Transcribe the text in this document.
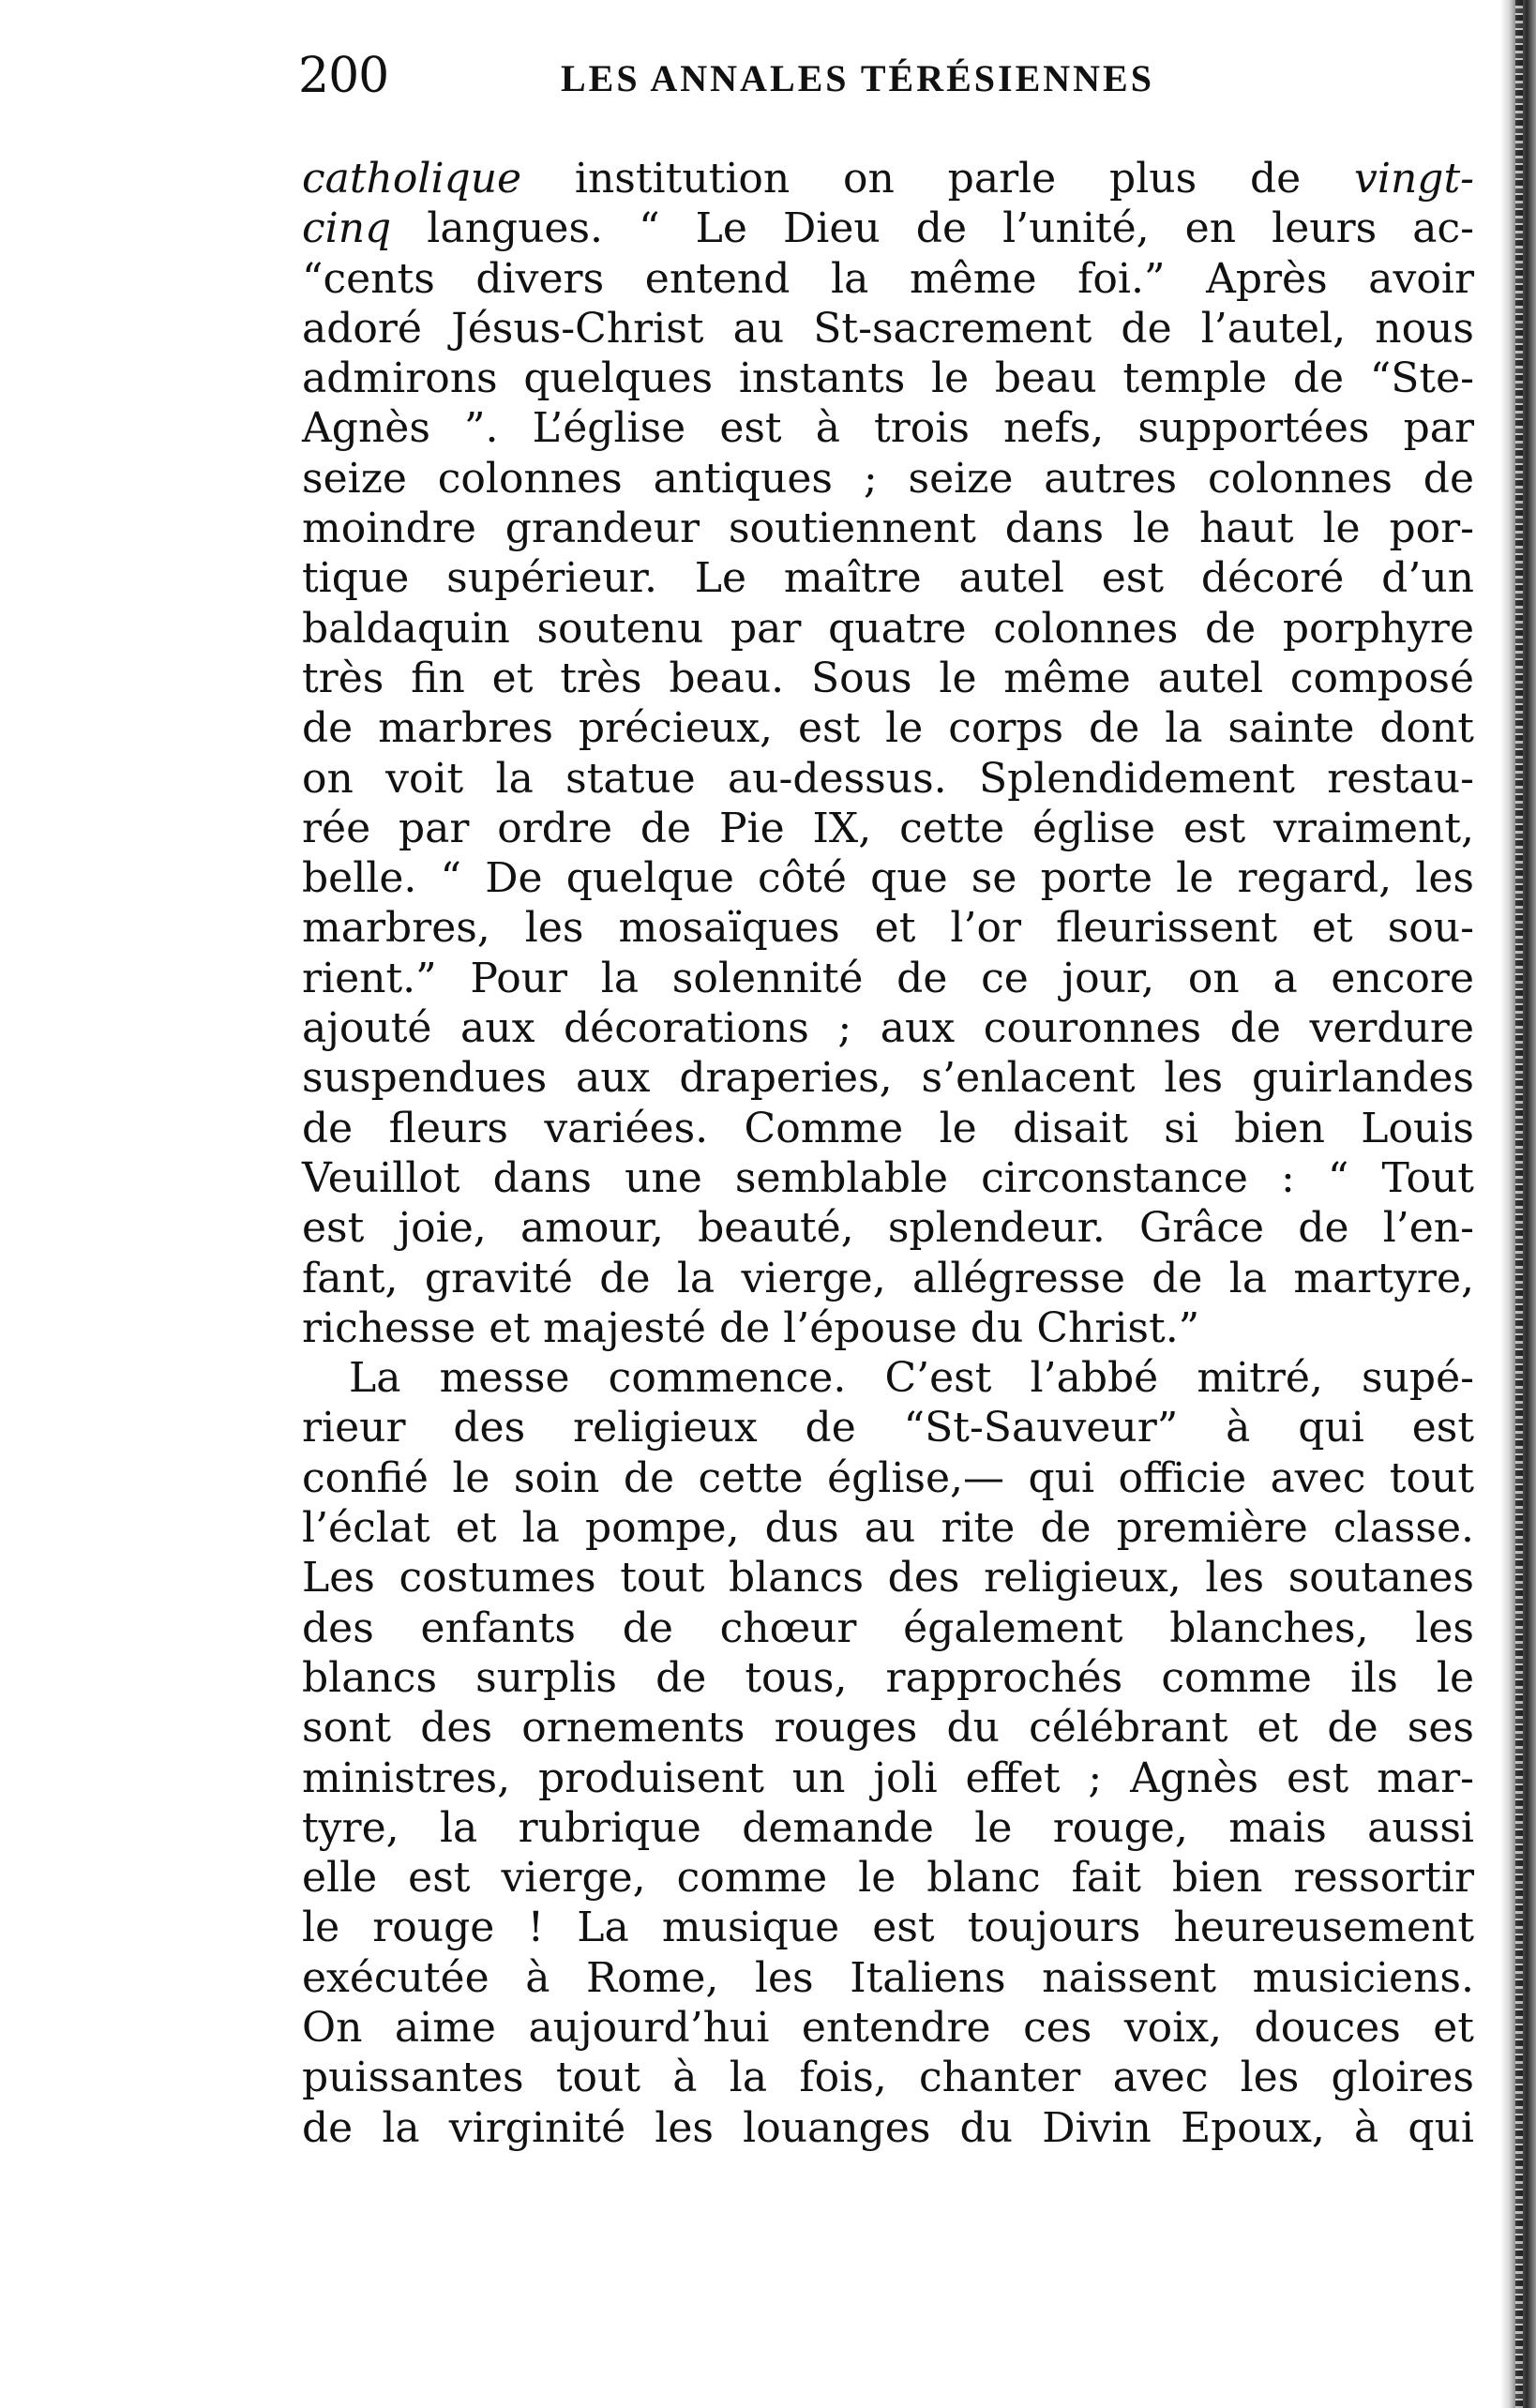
200	LES ANNALES TÉRÉSIENNES
catholique institution on parle plus de vingt-
cinq langues. “ Le Dieu de l’unité, en leurs ac-
“cents divers entend la même foi.” Après avoir
adoré Jésus-Christ au St-sacrement de l’autel, nous
admirons quelques instants le beau temple de “Ste-
Agnès ”. L’église est à trois nefs, supportées par
seize colonnes antiques ; seize autres colonnes de
moindre grandeur soutiennent dans le haut le por-
tique supérieur. Le maître autel est décoré d’un
baldaquin soutenu par quatre colonnes de porphyre
très fin et très beau. Sous le même autel composé
de marbres précieux, est le corps de la sainte dont
on voit la statue au-dessus. Splendidement restau-
rée par ordre de Pie IX, cette église est vraiment,
belle. “ De quelque côté que se porte le regard, les
marbres, les mosaïques et l’or fleurissent et sou-
rient.” Pour la solennité de ce jour, on a encore
ajouté aux décorations ; aux couronnes de verdure
suspendues aux draperies, s’enlacent les guirlandes
de fleurs variées. Comme le disait si bien Louis
Veuillot dans une semblable circonstance : “ Tout
est joie, amour, beauté, splendeur. Grâce de l’en-
fant, gravité de la vierge, allégresse de la martyre,
richesse et majesté de l’épouse du Christ.”
La messe commence. C’est l’abbé mitré, supé-
rieur des religieux de “St-Sauveur” à qui est
confié le soin de cette église,— qui officie avec tout
l’éclat et la pompe, dus au rite de première classe.
Les costumes tout blancs des religieux, les soutanes
des enfants de chœur également blanches, les
blancs surplis de tous, rapprochés comme ils le
sont des ornements rouges du célébrant et de ses
ministres, produisent un joli effet ; Agnès est mar-
tyre, la rubrique demande le rouge, mais aussi
elle est vierge, comme le blanc fait bien ressortir
le rouge ! La musique est toujours heureusement
exécutée à Rome, les Italiens naissent musiciens.
On aime aujourd’hui entendre ces voix, douces et
puissantes tout à la fois, chanter avec les gloires
de la virginité les louanges du Divin Epoux, à qui
